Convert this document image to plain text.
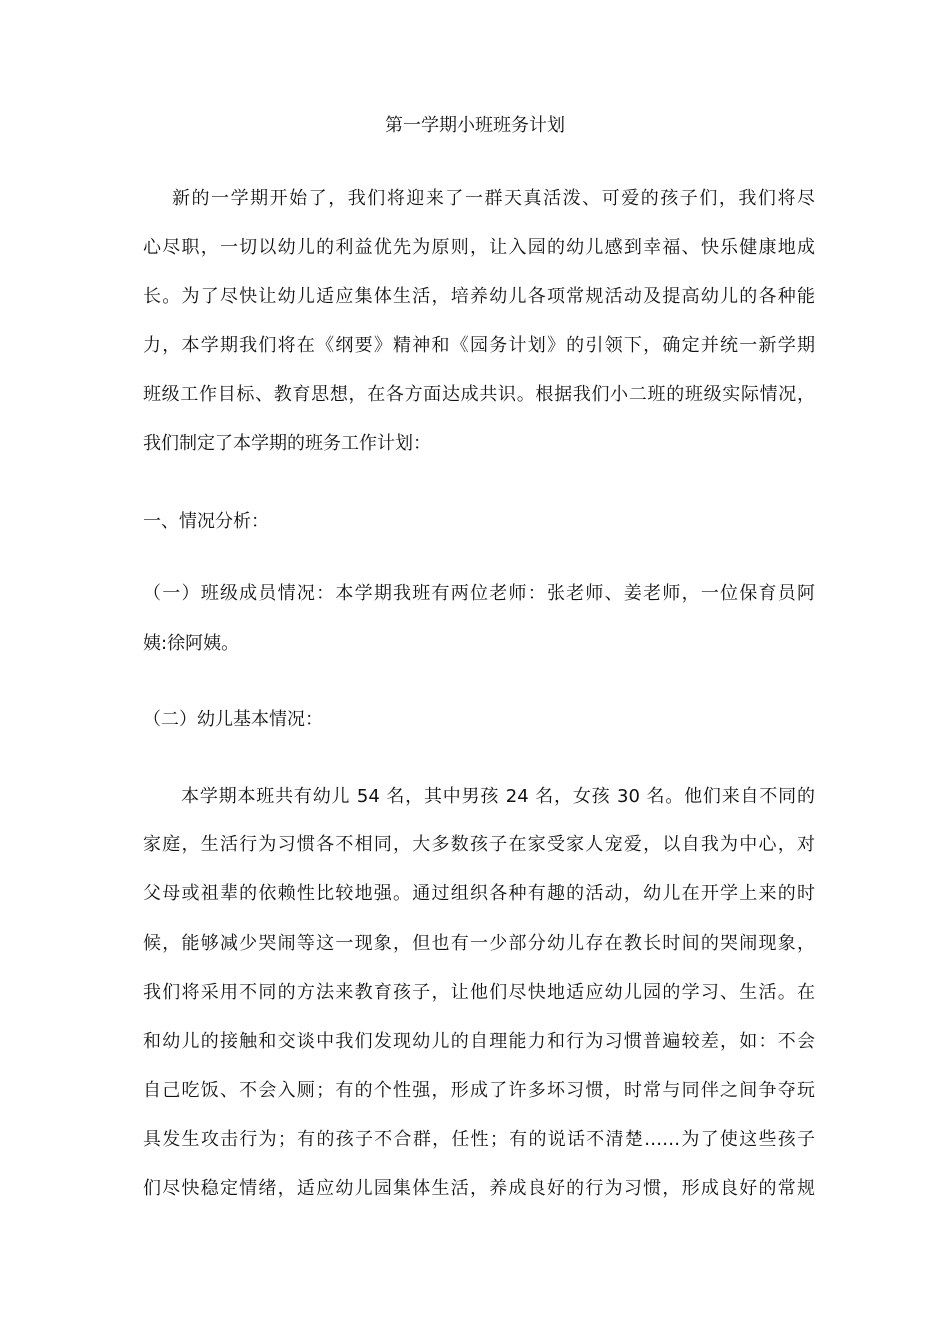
第一学期小班班务计划
新的一学期开始了，我们将迎来了一群天真活泼、可爱的孩子们，我们将尽
心尽职，一切以幼儿的利益优先为原则，让入园的幼儿感到幸福、快乐健康地成
长。为了尽快让幼儿适应集体生活，培养幼儿各项常规活动及提高幼儿的各种能
力，本学期我们将在《纲要》精神和《园务计划》的引领下，确定并统一新学期
班级工作目标、教育思想，在各方面达成共识。根据我们小二班的班级实际情况，
我们制定了本学期的班务工作计划：
一、情况分析：
（一）班级成员情况：本学期我班有两位老师：张老师、姜老师，一位保育员阿
姨:徐阿姨。
（二）幼儿基本情况：
本学期本班共有幼儿 54 名，其中男孩 24 名，女孩 30 名。他们来自不同的
家庭，生活行为习惯各不相同，大多数孩子在家受家人宠爱，以自我为中心，对
父母或祖辈的依赖性比较地强。通过组织各种有趣的活动，幼儿在开学上来的时
候，能够减少哭闹等这一现象，但也有一少部分幼儿存在教长时间的哭闹现象，
我们将采用不同的方法来教育孩子，让他们尽快地适应幼儿园的学习、生活。在
和幼儿的接触和交谈中我们发现幼儿的自理能力和行为习惯普遍较差，如：不会
自己吃饭、不会入厕；有的个性强，形成了许多坏习惯，时常与同伴之间争夺玩
具发生攻击行为；有的孩子不合群，任性；有的说话不清楚……为了使这些孩子
们尽快稳定情绪，适应幼儿园集体生活，养成良好的行为习惯，形成良好的常规
